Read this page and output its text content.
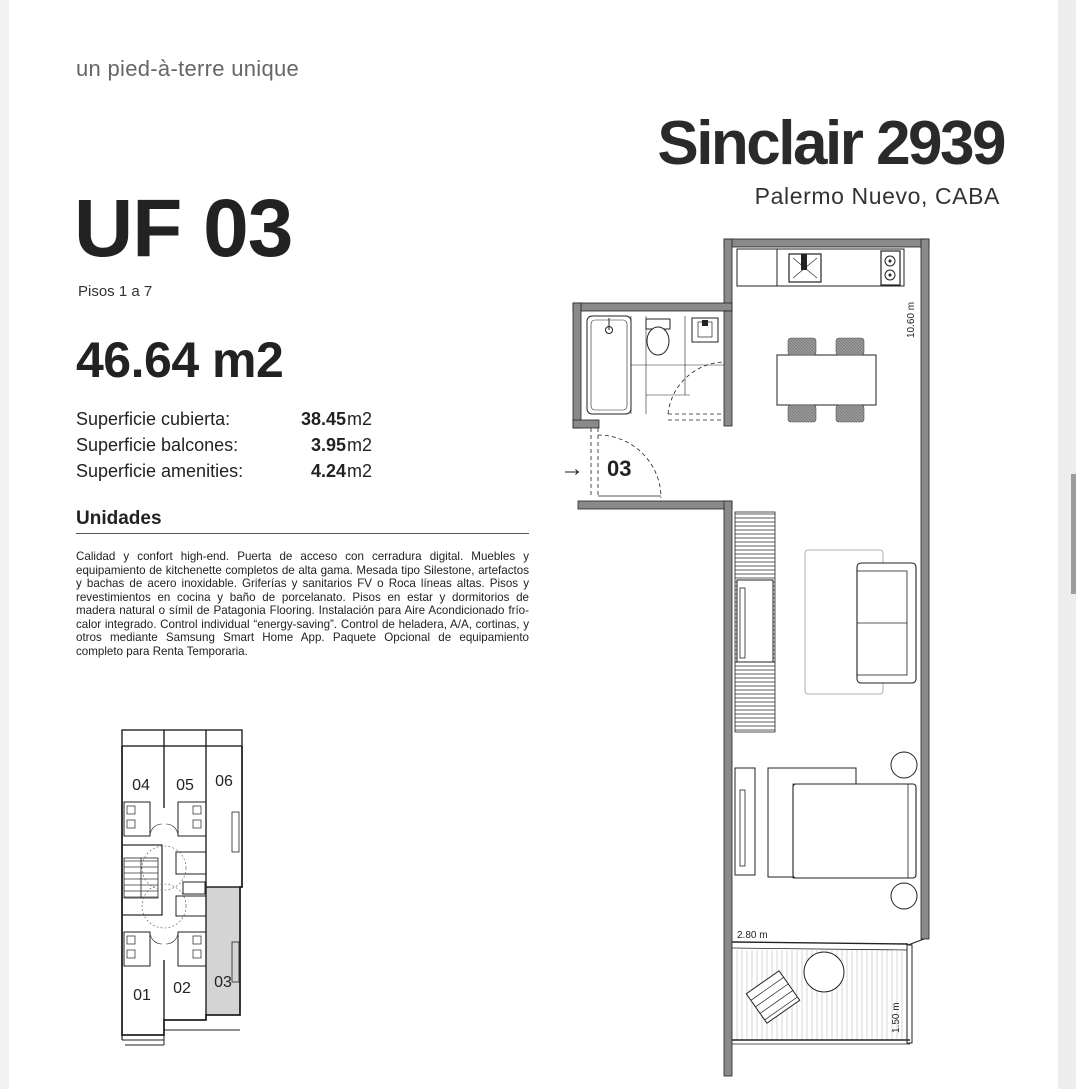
un pied-à-terre unique
Sinclair 2939
Palermo Nuevo, CABA
UF 03
Pisos 1 a 7
46.64 m2
Superficie cubierta:	38.45 m2
Superficie balcones:	3.95 m2
Superficie amenities:	4.24 m2
Unidades
Calidad y confort high-end. Puerta de acceso con cerradura digital. Muebles y equipamiento de kitchenette completos de alta gama. Mesada tipo Silestone, artefactos y bachas de acero inoxidable. Griferías y sanitarios FV o Roca líneas altas. Pisos y revestimientos en cocina y baño de porcelanato. Pisos en estar y dormitorios de madera natural o símil de Patagonia Flooring. Instalación para Aire Acondicionado frío-calor integrado. Control individual “energy-saving”. Control de heladera, A/A, cortinas, y otros mediante Samsung Smart Home App. Paquete Opcional de equipamiento completo para Renta Temporaria.
04 05 06
01 02 03
10.60 m
2.80 m
1.50 m
→ 03
